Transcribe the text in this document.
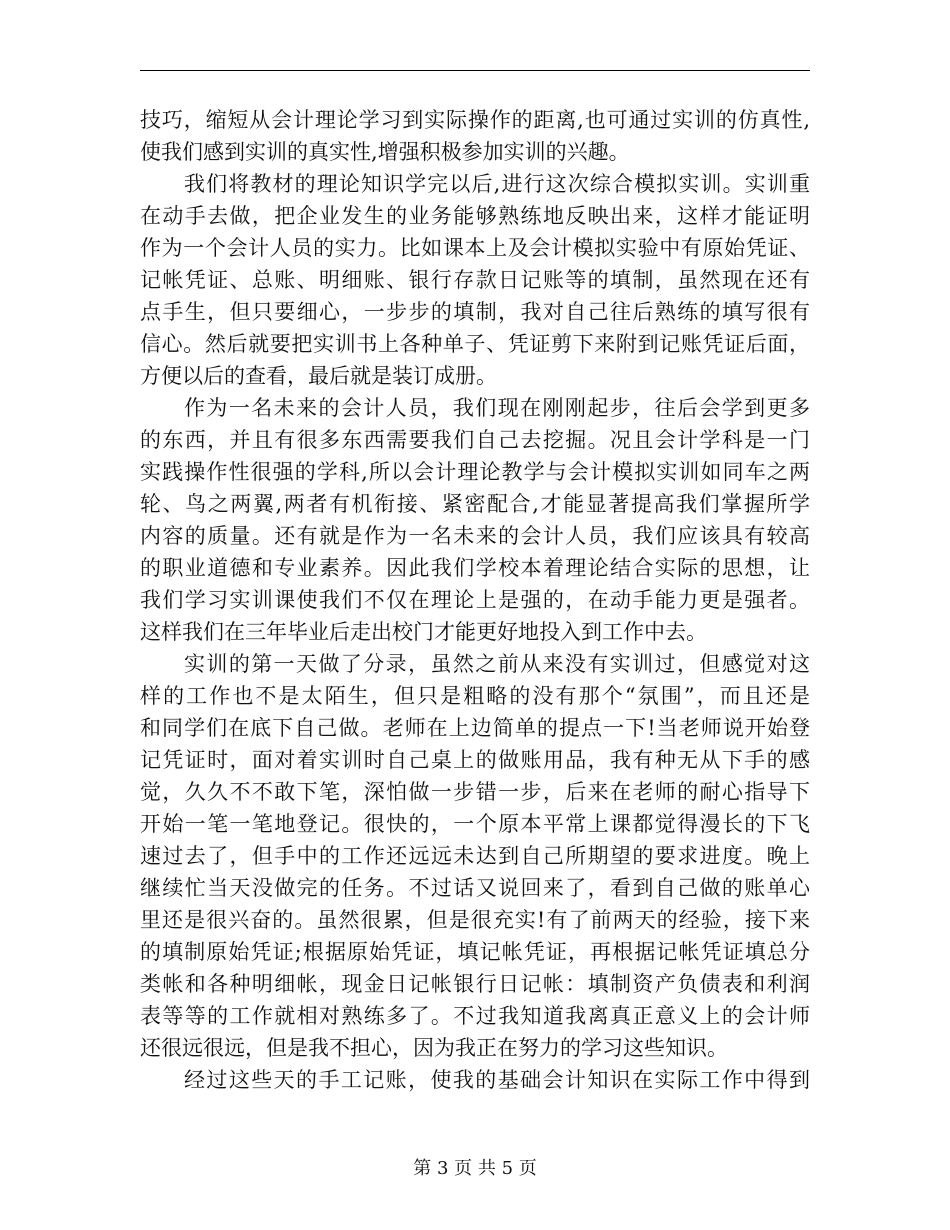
技巧，缩短从会计理论学习到实际操作的距离,也可通过实训的仿真性,
使我们感到实训的真实性,增强积极参加实训的兴趣。
我们将教材的理论知识学完以后,进行这次综合模拟实训。实训重
在动手去做，把企业发生的业务能够熟练地反映出来，这样才能证明
作为一个会计人员的实力。比如课本上及会计模拟实验中有原始凭证、
记帐凭证、总账、明细账、银行存款日记账等的填制，虽然现在还有
点手生，但只要细心，一步步的填制，我对自己往后熟练的填写很有
信心。然后就要把实训书上各种单子、凭证剪下来附到记账凭证后面，
方便以后的查看，最后就是装订成册。
作为一名未来的会计人员，我们现在刚刚起步，往后会学到更多
的东西，并且有很多东西需要我们自己去挖掘。况且会计学科是一门
实践操作性很强的学科,所以会计理论教学与会计模拟实训如同车之两
轮、鸟之两翼,两者有机衔接、紧密配合,才能显著提高我们掌握所学
内容的质量。还有就是作为一名未来的会计人员，我们应该具有较高
的职业道德和专业素养。因此我们学校本着理论结合实际的思想，让
我们学习实训课使我们不仅在理论上是强的，在动手能力更是强者。
这样我们在三年毕业后走出校门才能更好地投入到工作中去。
实训的第一天做了分录，虽然之前从来没有实训过，但感觉对这
样的工作也不是太陌生，但只是粗略的没有那个“氛围”，而且还是
和同学们在底下自己做。老师在上边简单的提点一下!当老师说开始登
记凭证时，面对着实训时自己桌上的做账用品，我有种无从下手的感
觉，久久不不敢下笔，深怕做一步错一步，后来在老师的耐心指导下
开始一笔一笔地登记。很快的，一个原本平常上课都觉得漫长的下飞
速过去了，但手中的工作还远远未达到自己所期望的要求进度。晚上
继续忙当天没做完的任务。不过话又说回来了，看到自己做的账单心
里还是很兴奋的。虽然很累，但是很充实!有了前两天的经验，接下来
的填制原始凭证;根据原始凭证，填记帐凭证，再根据记帐凭证填总分
类帐和各种明细帐，现金日记帐银行日记帐：填制资产负债表和利润
表等等的工作就相对熟练多了。不过我知道我离真正意义上的会计师
还很远很远，但是我不担心，因为我正在努力的学习这些知识。
经过这些天的手工记账，使我的基础会计知识在实际工作中得到
第 3 页 共 5 页
